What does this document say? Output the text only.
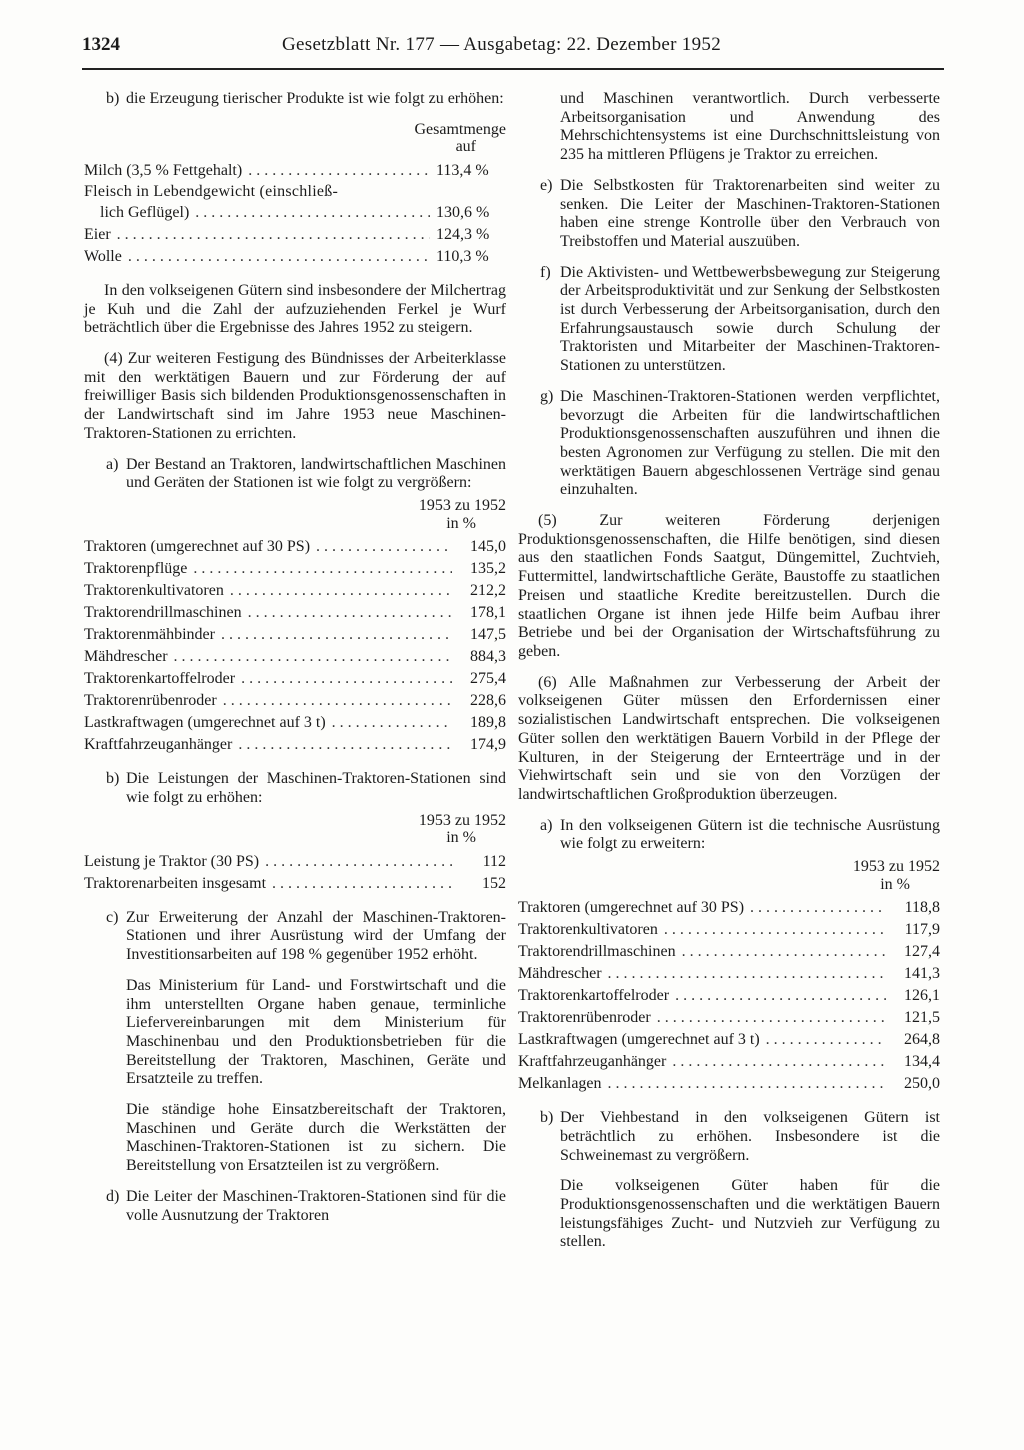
1324	Gesetzblatt Nr. 177 — Ausgabetag: 22. Dezember 1952
b) die Erzeugung tierischer Produkte ist wie folgt zu erhöhen:
Gesamtmenge
auf
Milch (3,5 % Fettgehalt) . . .	113,4 %
Fleisch in Lebendgewicht (einschließ-
lich Geflügel) . . .	130,6 %
Eier . . .	124,3 %
Wolle . . .	110,3 %

In den volkseigenen Gütern sind insbesondere der Milchertrag je Kuh und die Zahl der aufzuziehenden Ferkel je Wurf beträchtlich über die Ergebnisse des Jahres 1952 zu steigern.

(4) Zur weiteren Festigung des Bündnisses der Arbeiterklasse mit den werktätigen Bauern und zur Förderung der auf freiwilliger Basis sich bildenden Produktionsgenossenschaften in der Landwirtschaft sind im Jahre 1953 neue Maschinen-Traktoren-Stationen zu errichten.

a) Der Bestand an Traktoren, landwirtschaftlichen Maschinen und Geräten der Stationen ist wie folgt zu vergrößern:
1953 zu 1952
in %
Traktoren (umgerechnet auf 30 PS) . . .	145,0
Traktorenpflüge . . .	135,2
Traktorenkultivatoren . . .	212,2
Traktorendrillmaschinen . . .	178,1
Traktorenmähbinder . . .	147,5
Mähdrescher . . .	884,3
Traktorenkartoffelroder . . .	275,4
Traktorenrübenroder . . .	228,6
Lastkraftwagen (umgerechnet auf 3 t) . . .	189,8
Kraftfahrzeuganhänger . . .	174,9
b) Die Leistungen der Maschinen-Traktoren-Stationen sind wie folgt zu erhöhen:
1953 zu 1952
in %
Leistung je Traktor (30 PS) . . .	112
Traktorenarbeiten insgesamt . . .	152
c) Zur Erweiterung der Anzahl der Maschinen-Traktoren-Stationen und ihrer Ausrüstung wird der Umfang der Investitionsarbeiten auf 198 % gegenüber 1952 erhöht.

Das Ministerium für Land- und Forstwirtschaft und die ihm unterstellten Organe haben genaue, terminliche Liefervereinbarungen mit dem Ministerium für Maschinenbau und den Produktionsbetrieben für die Bereitstellung der Traktoren, Maschinen, Geräte und Ersatzteile zu treffen.

Die ständige hohe Einsatzbereitschaft der Traktoren, Maschinen und Geräte durch die Werkstätten der Maschinen-Traktoren-Stationen ist zu sichern. Die Bereitstellung von Ersatzteilen ist zu vergrößern.

d) Die Leiter der Maschinen-Traktoren-Stationen sind für die volle Ausnutzung der Traktoren

und Maschinen verantwortlich. Durch verbesserte Arbeitsorganisation und Anwendung des Mehrschichtensystems ist eine Durchschnittsleistung von 235 ha mittleren Pflügens je Traktor zu erreichen.

e) Die Selbstkosten für Traktorenarbeiten sind weiter zu senken. Die Leiter der Maschinen-Traktoren-Stationen haben eine strenge Kontrolle über den Verbrauch von Treibstoffen und Material auszuüben.
f) Die Aktivisten- und Wettbewerbsbewegung zur Steigerung der Arbeitsproduktivität und zur Senkung der Selbstkosten ist durch Verbesserung der Arbeitsorganisation, durch den Erfahrungsaustausch sowie durch Schulung der Traktoristen und Mitarbeiter der Maschinen-Traktoren-Stationen zu unterstützen.
g) Die Maschinen-Traktoren-Stationen werden verpflichtet, bevorzugt die Arbeiten für die landwirtschaftlichen Produktionsgenossenschaften auszuführen und ihnen die besten Agronomen zur Verfügung zu stellen. Die mit den werktätigen Bauern abgeschlossenen Verträge sind genau einzuhalten.

(5) Zur weiteren Förderung derjenigen Produktionsgenossenschaften, die Hilfe benötigen, sind diesen aus den staatlichen Fonds Saatgut, Düngemittel, Zuchtvieh, Futtermittel, landwirtschaftliche Geräte, Baustoffe zu staatlichen Preisen und staatliche Kredite bereitzustellen. Durch die staatlichen Organe ist ihnen jede Hilfe beim Aufbau ihrer Betriebe und bei der Organisation der Wirtschaftsführung zu geben.

(6) Alle Maßnahmen zur Verbesserung der Arbeit der volkseigenen Güter müssen den Erfordernissen einer sozialistischen Landwirtschaft entsprechen. Die volkseigenen Güter sollen den werktätigen Bauern Vorbild in der Pflege der Kulturen, in der Steigerung der Ernteerträge und in der Viehwirtschaft sein und sie von den Vorzügen der landwirtschaftlichen Großproduktion überzeugen.

a) In den volkseigenen Gütern ist die technische Ausrüstung wie folgt zu erweitern:
1953 zu 1952
in %
Traktoren (umgerechnet auf 30 PS) . . .	118,8
Traktorenkultivatoren . . .	117,9
Traktorendrillmaschinen . . .	127,4
Mähdrescher . . .	141,3
Traktorenkartoffelroder . . .	126,1
Traktorenrübenroder . . .	121,5
Lastkraftwagen (umgerechnet auf 3 t) . . .	264,8
Kraftfahrzeuganhänger . . .	134,4
Melkanlagen . . .	250,0
b) Der Viehbestand in den volkseigenen Gütern ist beträchtlich zu erhöhen. Insbesondere ist die Schweinemast zu vergrößern.

Die volkseigenen Güter haben für die Produktionsgenossenschaften und die werktätigen Bauern leistungsfähiges Zucht- und Nutzvieh zur Verfügung zu stellen.
